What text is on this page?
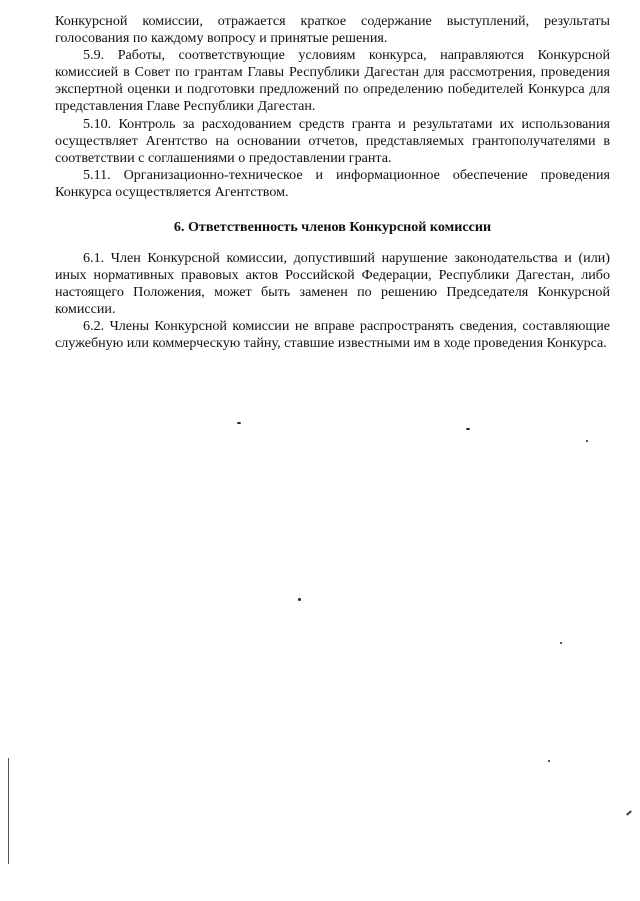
Конкурсной комиссии, отражается краткое содержание выступлений, результаты голосования по каждому вопросу и принятые решения.

5.9. Работы, соответствующие условиям конкурса, направляются Конкурсной комиссией в Совет по грантам Главы Республики Дагестан для рассмотрения, проведения экспертной оценки и подготовки предложений по определению победителей Конкурса для представления Главе Республики Дагестан.

5.10. Контроль за расходованием средств гранта и результатами их использования осуществляет Агентство на основании отчетов, представляемых грантополучателями в соответствии с соглашениями о предоставлении гранта.

5.11. Организационно-техническое и информационное обеспечение проведения Конкурса осуществляется Агентством.

6. Ответственность членов Конкурсной комиссии

6.1. Член Конкурсной комиссии, допустивший нарушение законодательства и (или) иных нормативных правовых актов Российской Федерации, Республики Дагестан, либо настоящего Положения, может быть заменен по решению Председателя Конкурсной комиссии.

6.2. Члены Конкурсной комиссии не вправе распространять сведения, составляющие служебную или коммерческую тайну, ставшие известными им в ходе проведения Конкурса.
